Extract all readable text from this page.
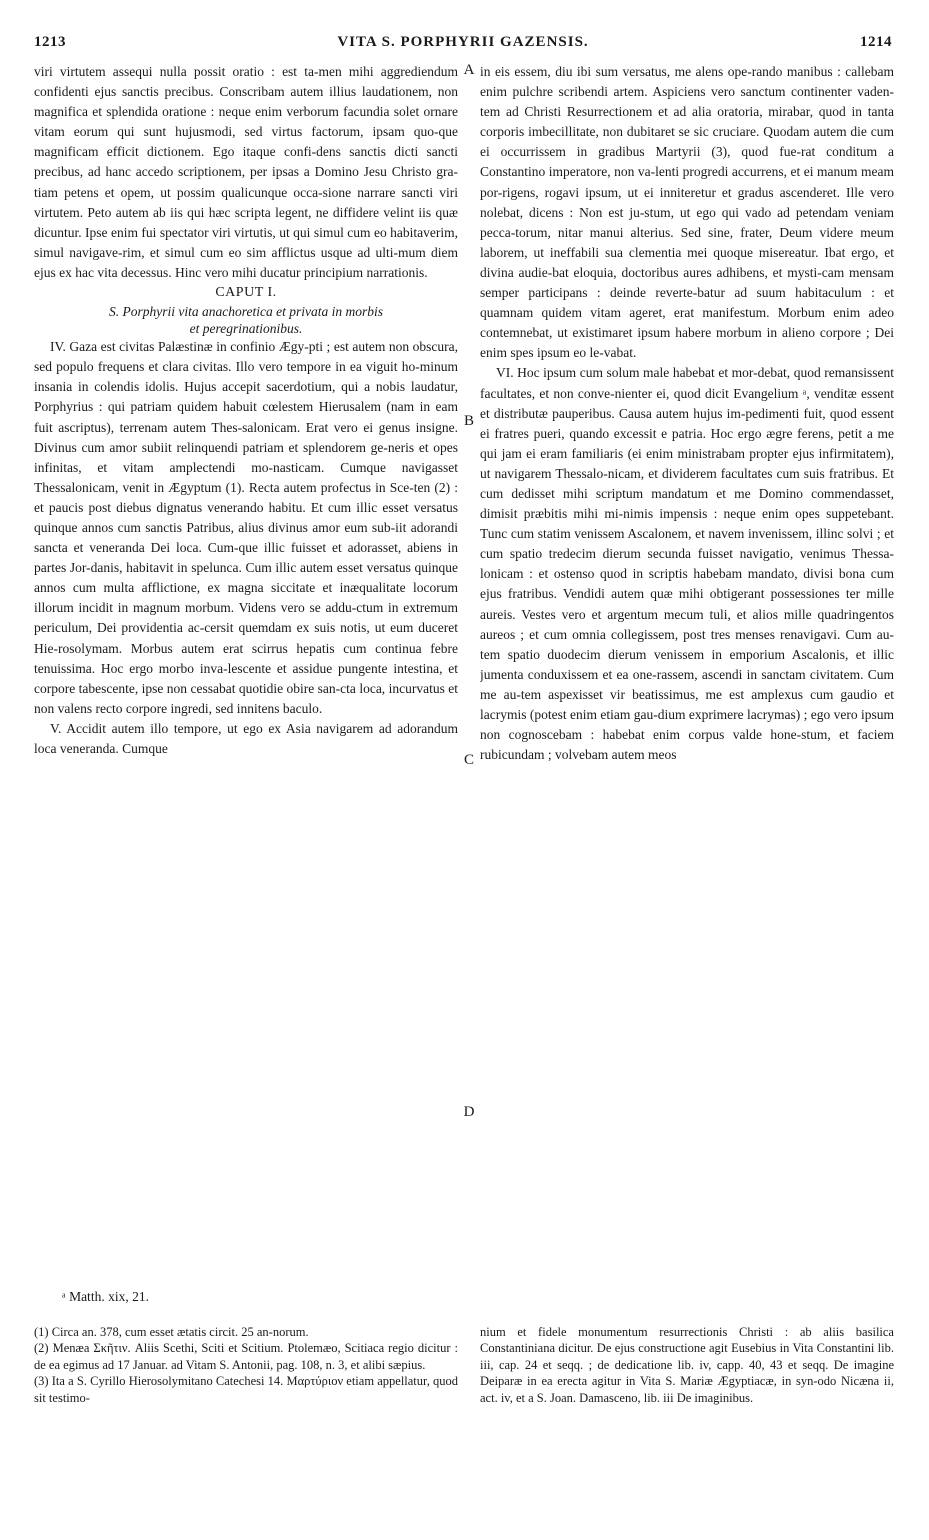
1213	VITA S. PORPHYRII GAZENSIS.	1214

viri virtutem assequi nulla possit oratio : est ta-men mihi aggrediendum confidenti ejus sanctis precibus. Conscribam autem illius laudationem, non magnifica et splendida oratione : neque enim verborum facundia solet ornare vitam eorum qui sunt hujusmodi, sed virtus factorum, ipsam quo-que magnificam efficit dictionem. Ego itaque confi-dens sanctis dicti sancti precibus, ad hanc accedo scriptionem, per ipsas a Domino Jesu Christo gra-tiam petens et opem, ut possim qualicunque occa-sione narrare sancti viri virtutem. Peto autem ab iis qui hæc scripta legent, ne diffidere velint iis quæ dicuntur. Ipse enim fui spectator viri virtutis, ut qui simul cum eo habitaverim, simul navigave-rim, et simul cum eo sim afflictus usque ad ulti-mum diem ejus ex hac vita decessus. Hinc vero mihi ducatur principium narrationis.

CAPUT I.

S. Porphyrii vita anachoretica et privata in morbis
et peregrinationibus.

IV. Gaza est civitas Palæstinæ in confinio Ægy-pti ; est autem non obscura, sed populo frequens et clara civitas. Illo vero tempore in ea viguit ho-minum insania in colendis idolis. Hujus accepit sacerdotium, qui a nobis laudatur, Porphyrius : qui patriam quidem habuit cœlestem Hierusalem (nam in eam fuit ascriptus), terrenam autem Thes-salonicam. Erat vero ei genus insigne. Divinus cum amor subiit relinquendi patriam et splendorem ge-neris et opes infinitas, et vitam amplectendi mo-nasticam. Cumque navigasset Thessalonicam, venit in Ægyptum (1). Recta autem profectus in Sce-ten (2) : et paucis post diebus dignatus venerando habitu. Et cum illic esset versatus quinque annos cum sanctis Patribus, alius divinus amor eum sub-iit adorandi sancta et veneranda Dei loca. Cum-que illic fuisset et adorasset, abiens in partes Jor-danis, habitavit in spelunca. Cum illic autem esset versatus quinque annos cum multa afflictione, ex magna siccitate et inæqualitate locorum illorum incidit in magnum morbum. Videns vero se addu-ctum in extremum periculum, Dei providentia ac-cersit quemdam ex suis notis, ut eum duceret Hie-rosolymam. Morbus autem erat scirrus hepatis cum continua febre tenuissima. Hoc ergo morbo inva-lescente et assidue pungente intestina, et corpore tabescente, ipse non cessabat quotidie obire san-cta loca, incurvatus et non valens recto corpore ingredi, sed innitens baculo.

V. Accidit autem illo tempore, ut ego ex Asia navigarem ad adorandum loca veneranda. Cumque

A
B
C
D

in eis essem, diu ibi sum versatus, me alens ope-rando manibus : callebam enim pulchre scribendi artem. Aspiciens vero sanctum continenter vaden-tem ad Christi Resurrectionem et ad alia oratoria, mirabar, quod in tanta corporis imbecillitate, non dubitaret se sic cruciare. Quodam autem die cum ei occurrissem in gradibus Martyrii (3), quod fue-rat conditum a Constantino imperatore, non va-lenti progredi accurrens, et ei manum meam por-rigens, rogavi ipsum, ut ei inniteretur et gradus ascenderet. Ille vero nolebat, dicens : Non est ju-stum, ut ego qui vado ad petendam veniam pecca-torum, nitar manui alterius. Sed sine, frater, Deum videre meum laborem, ut ineffabili sua clementia mei quoque misereatur. Ibat ergo, et divina audie-bat eloquia, doctoribus aures adhibens, et mysti-cam mensam semper participans : deinde reverte-batur ad suum habitaculum : et quamnam quidem vitam ageret, erat manifestum. Morbum enim adeo contemnebat, ut existimaret ipsum habere morbum in alieno corpore ; Dei enim spes ipsum eo le-vabat.

VI. Hoc ipsum cum solum male habebat et mor-debat, quod remansissent facultates, et non conve-nienter ei, quod dicit Evangelium ᵃ, venditæ essent et distributæ pauperibus. Causa autem hujus im-pedimenti fuit, quod essent ei fratres pueri, quando excessit e patria. Hoc ergo ægre ferens, petit a me qui jam ei eram familiaris (ei enim ministrabam propter ejus infirmitatem), ut navigarem Thessalo-nicam, et dividerem facultates cum suis fratribus. Et cum dedisset mihi scriptum mandatum et me Domino commendasset, dimisit præbitis mihi mi-nimis impensis : neque enim opes suppetebant. Tunc cum statim venissem Ascalonem, et navem invenissem, illinc solvi ; et cum spatio tredecim dierum secunda fuisset navigatio, venimus Thessa-lonicam : et ostenso quod in scriptis habebam mandato, divisi bona cum ejus fratribus. Vendidi autem quæ mihi obtigerant possessiones ter mille aureis. Vestes vero et argentum mecum tuli, et alios mille quadringentos aureos ; et cum omnia collegissem, post tres menses renavigavi. Cum au-tem spatio duodecim dierum venissem in emporium Ascalonis, et illic jumenta conduxissem et ea one-rassem, ascendi in sanctam civitatem. Cum me au-tem aspexisset vir beatissimus, me est amplexus cum gaudio et lacrymis (potest enim etiam gau-dium exprimere lacrymas) ; ego vero ipsum non cognoscebam : habebat enim corpus valde hone-stum, et faciem rubicundam ; volvebam autem meos

ᵃ Matth. xix, 21.

(1) Circa an. 378, cum esset ætatis circit. 25 an-norum.

(2) Menæa Σκῆτιν. Aliis Scethi, Sciti et Scitium. Ptolemæo, Scitiaca regio dicitur : de ea egimus ad 17 Januar. ad Vitam S. Antonii, pag. 108, n. 3, et alibi sæpius.

(3) Ita a S. Cyrillo Hierosolymitano Catechesi 14. Μαρτύριον etiam appellatur, quod sit testimo-

nium et fidele monumentum resurrectionis Christi : ab aliis basilica Constantiniana dicitur. De ejus constructione agit Eusebius in Vita Constantini lib. iii, cap. 24 et seqq. ; de dedicatione lib. iv, capp. 40, 43 et seqq. De imagine Deiparæ in ea erecta agitur in Vita S. Mariæ Ægyptiacæ, in syn-odo Nicæna ii, act. iv, et a S. Joan. Damasceno, lib. iii De imaginibus.
